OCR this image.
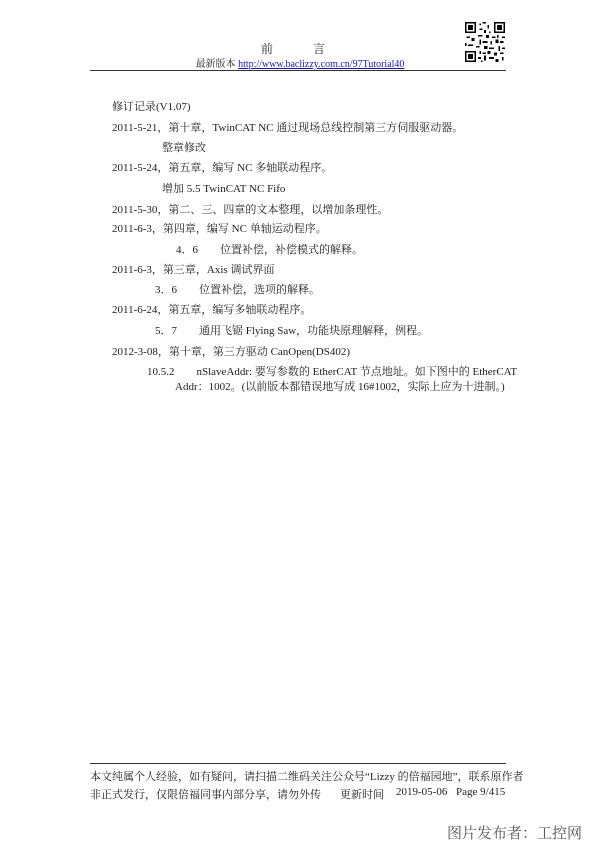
前　言
最新版本 http://www.baclizzy.com.cn/97Tutorial40
修订记录(V1.07)
2011-5-21，第十章，TwinCAT NC 通过现场总线控制第三方伺服驱动器。
整章修改
2011-5-24，第五章，编写 NC 多轴联动程序。
增加 5.5 TwinCAT NC Fifo
2011-5-30，第二、三、四章的文本整理，以增加条理性。
2011-6-3，第四章，编写 NC 单轴运动程序。
4．6　　位置补偿，补偿模式的解释。
2011-6-3，第三章，Axis 调试界面
3．6　　位置补偿，选项的解释。
2011-6-24，第五章，编写多轴联动程序。
5．7　　通用飞锯 Flying Saw，功能块原理解释，例程。
2012-3-08，第十章，第三方驱动 CanOpen(DS402)
10.5.2　　nSlaveAddr: 要写参数的 EtherCAT 节点地址。如下图中的 EtherCAT
Addr：1002。(以前版本都错误地写成 16#1002，实际上应为十进制。)
本文纯属个人经验，如有疑问，请扫描二维码关注公众号“Lizzy 的倍福园地”，联系原作者
非正式发行，仅限倍福同事内部分享，请勿外传 更新时间 2019-05-06 Page 9/415
图片发布者：工控网
